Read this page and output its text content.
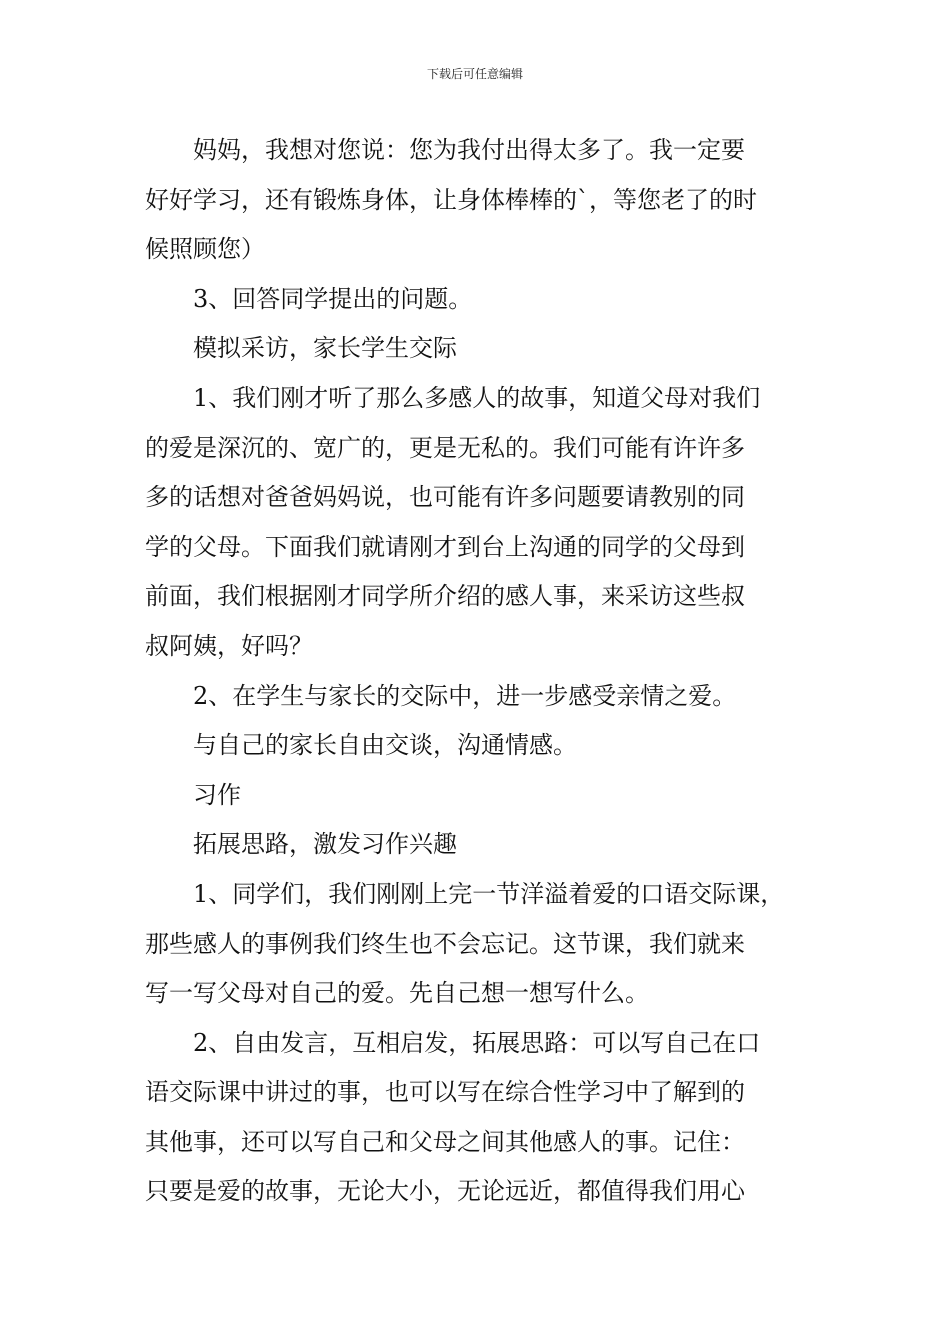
下载后可任意编辑

妈妈，我想对您说：您为我付出得太多了。我一定要
好好学习，还有锻炼身体，让身体棒棒的`，等您老了的时
候照顾您）

3、回答同学提出的问题。

模拟采访，家长学生交际

1、我们刚才听了那么多感人的故事，知道父母对我们
的爱是深沉的、宽广的，更是无私的。我们可能有许许多
多的话想对爸爸妈妈说，也可能有许多问题要请教别的同
学的父母。下面我们就请刚才到台上沟通的同学的父母到
前面，我们根据刚才同学所介绍的感人事，来采访这些叔
叔阿姨，好吗？

2、在学生与家长的交际中，进一步感受亲情之爱。

与自己的家长自由交谈，沟通情感。

习作

拓展思路，激发习作兴趣

1、同学们，我们刚刚上完一节洋溢着爱的口语交际课，
那些感人的事例我们终生也不会忘记。这节课，我们就来
写一写父母对自己的爱。先自己想一想写什么。

2、自由发言，互相启发，拓展思路：可以写自己在口
语交际课中讲过的事，也可以写在综合性学习中了解到的
其他事，还可以写自己和父母之间其他感人的事。记住：
只要是爱的故事，无论大小，无论远近，都值得我们用心
